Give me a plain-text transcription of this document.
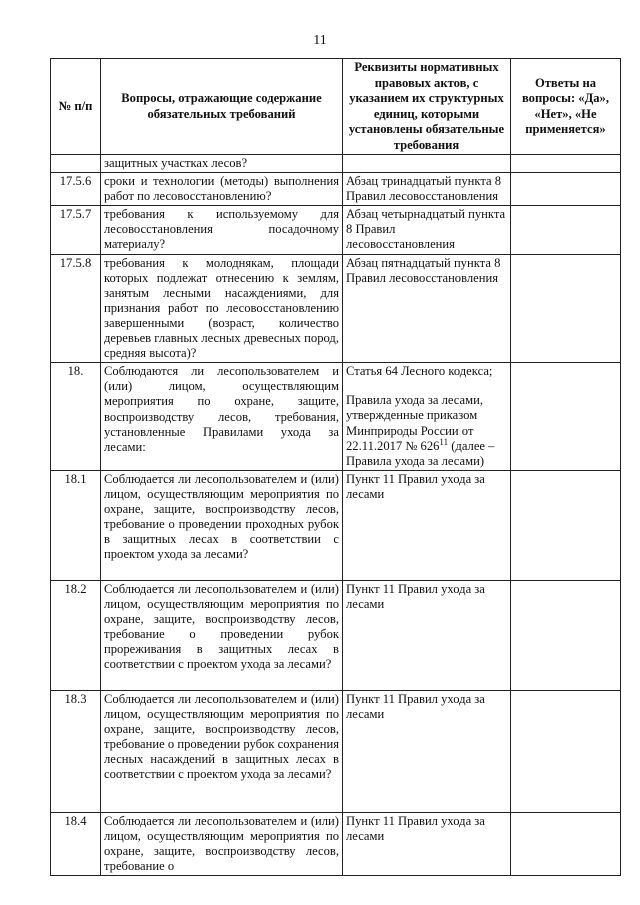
11
№ п/п	Вопросы, отражающие содержание обязательных требований	Реквизиты нормативных правовых актов, с указанием их структурных единиц, которыми установлены обязательные требования	Ответы на вопросы: «Да», «Нет», «Не применяется»
	защитных участках лесов?		
17.5.6	сроки и технологии (методы) выполнения работ по лесовосстановлению?	Абзац тринадцатый пункта 8 Правил лесовосстановления	
17.5.7	требования к используемому для лесовосстановления посадочному материалу?	Абзац четырнадцатый пункта 8 Правил лесовосстановления	
17.5.8	требования к молоднякам, площади которых подлежат отнесению к землям, занятым лесными насаждениями, для признания работ по лесовосстановлению завершенными (возраст, количество деревьев главных лесных древесных пород, средняя высота)?	Абзац пятнадцатый пункта 8 Правил лесовосстановления	
18.	Соблюдаются ли лесопользователем и (или) лицом, осуществляющим мероприятия по охране, защите, воспроизводству лесов, требования, установленные Правилами ухода за лесами:	Статья 64 Лесного кодекса;
Правила ухода за лесами, утвержденные приказом Минприроды России от 22.11.2017 № $626^{11}$ (далее – Правила ухода за лесами)	
18.1	Соблюдается ли лесопользователем и (или) лицом, осуществляющим мероприятия по охране, защите, воспроизводству лесов, требование о проведении проходных рубок в защитных лесах в соответствии с проектом ухода за лесами?	Пункт 11 Правил ухода за лесами	
18.2	Соблюдается ли лесопользователем и (или) лицом, осуществляющим мероприятия по охране, защите, воспроизводству лесов, требование о проведении рубок прореживания в защитных лесах в соответствии с проектом ухода за лесами?	Пункт 11 Правил ухода за лесами	
18.3	Соблюдается ли лесопользователем и (или) лицом, осуществляющим мероприятия по охране, защите, воспроизводству лесов, требование о проведении рубок сохранения лесных насаждений в защитных лесах в соответствии с проектом ухода за лесами?	Пункт 11 Правил ухода за лесами	
18.4	Соблюдается ли лесопользователем и (или) лицом, осуществляющим мероприятия по охране, защите, воспроизводству лесов, требование о	Пункт 11 Правил ухода за лесами	
